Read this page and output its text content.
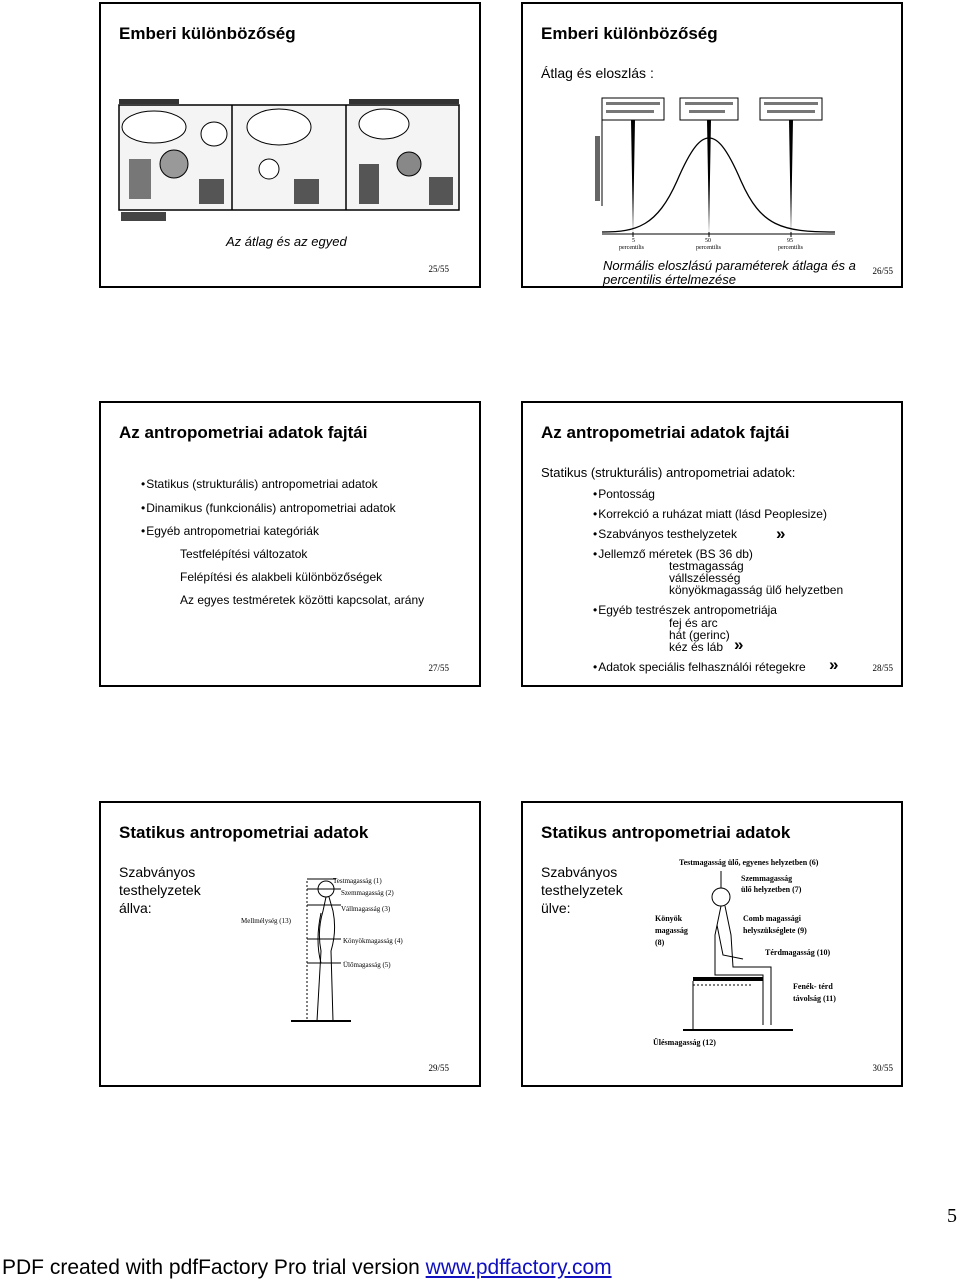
Emberi különbözőség
Az átlag és az egyed
25/55
Emberi különbözőség
Átlag és eloszlás :
5
percentilis
50
percentilis
95
percentilis
Normális eloszlású paraméterek átlaga és a
percentilis értelmezése
26/55
Az antropometriai adatok fajtái
• Statikus (strukturális) antropometriai adatok
• Dinamikus (funkcionális) antropometriai adatok
• Egyéb antropometriai kategóriák
Testfelépítési változatok
Felépítési és alakbeli különbözőségek
Az egyes testméretek közötti kapcsolat, arány
27/55
Az antropometriai adatok fajtái
Statikus (strukturális) antropometriai adatok:
• Pontosság
• Korrekció a ruházat miatt (lásd Peoplesize)
• Szabványos testhelyzetek »
• Jellemző méretek (BS 36 db)
testmagasság
vállszélesség
könyökmagasság ülő helyzetben
• Egyéb testrészek antropometriája
fej és arc
hát (gerinc)
kéz és láb »
• Adatok speciális felhasználói rétegekre »	28/55
Statikus antropometriai adatok
Szabványos
testhelyzetek
állva:
Testmagasság (1)
Szemmagasság (2)
Vállmagasság (3)
Mellmélység (13)
Könyökmagasság (4)
Ülőmagasság (5)
29/55
Statikus antropometriai adatok
Szabványos
testhelyzetek
ülve:
Testmagasság ülő, egyenes helyzetben (6)
Szemmagasság
ülő helyzetben (7)
Könyök
magasság
(8)
Comb magassági
helyszükséglete (9)
Térdmagasság (10)
Fenék- térd
távolság (11)
Ülésmagasság (12)
30/55
5
PDF created with pdfFactory Pro trial version www.pdffactory.com
